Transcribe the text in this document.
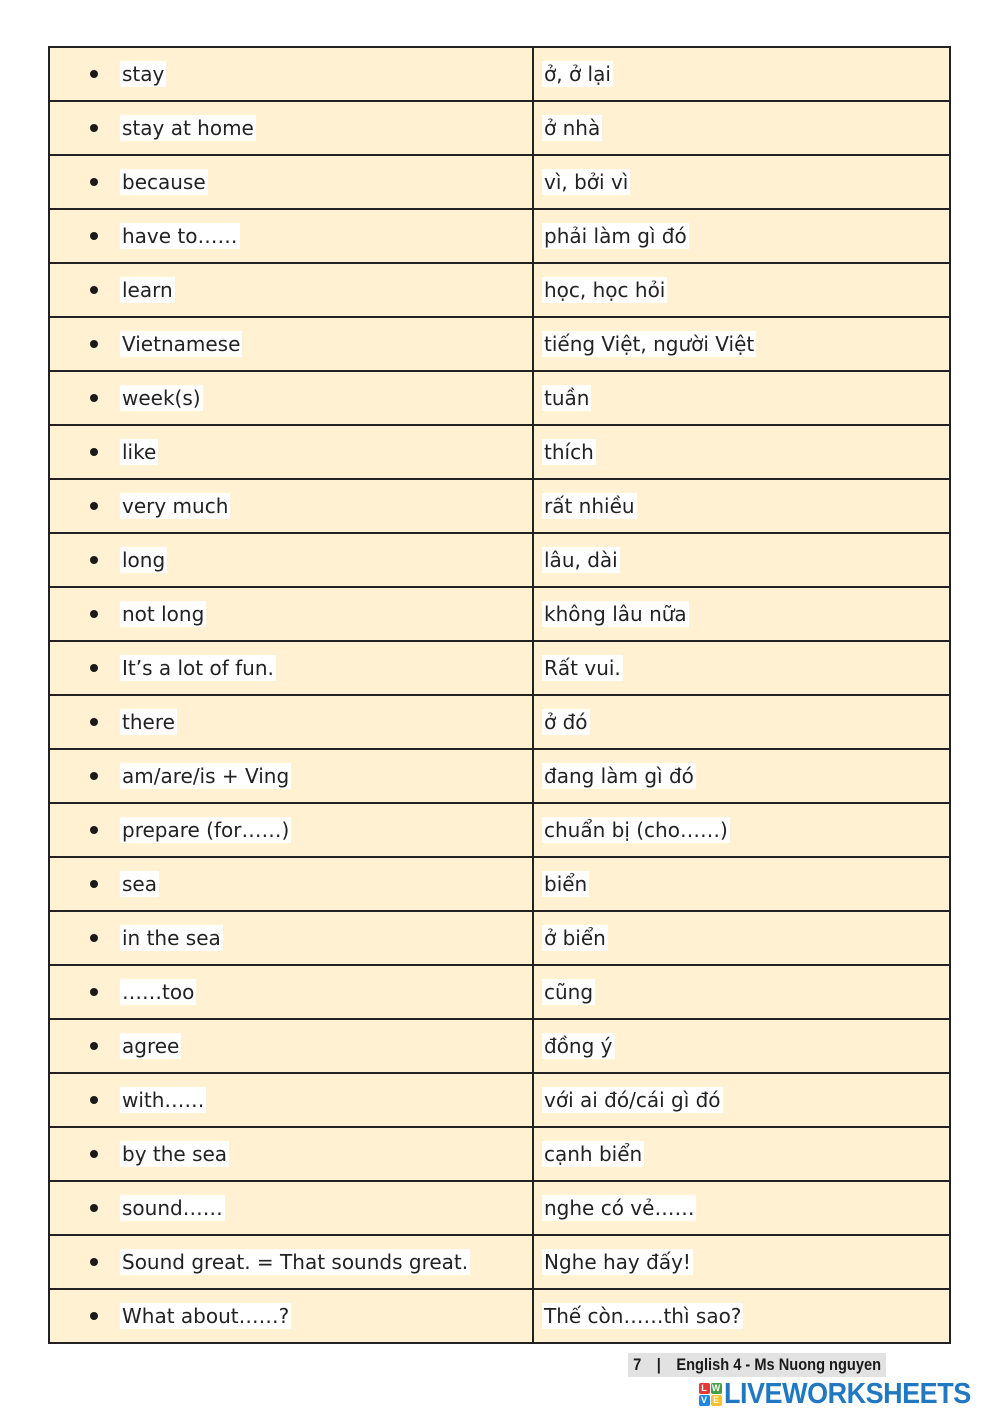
stay	ở, ở lại
stay at home	ở nhà
because	vì, bởi vì
have to……	phải làm gì đó
learn	học, học hỏi
Vietnamese	tiếng Việt, người Việt
week(s)	tuần
like	thích
very much	rất nhiều
long	lâu, dài
not long	không lâu nữa
It’s a lot of fun.	Rất vui.
there	ở đó
am/are/is + Ving	đang làm gì đó
prepare (for……)	chuẩn bị (cho……)
sea	biển
in the sea	ở biển
……too	cũng
agree	đồng ý
with……	với ai đó/cái gì đó
by the sea	cạnh biển
sound……	nghe có vẻ……
Sound great. = That sounds great.	Nghe hay đấy!
What about……?	Thế còn……thì sao?
7 | English 4 - Ms Nuong nguyen
L W
V E LIVEWORKSHEETS
